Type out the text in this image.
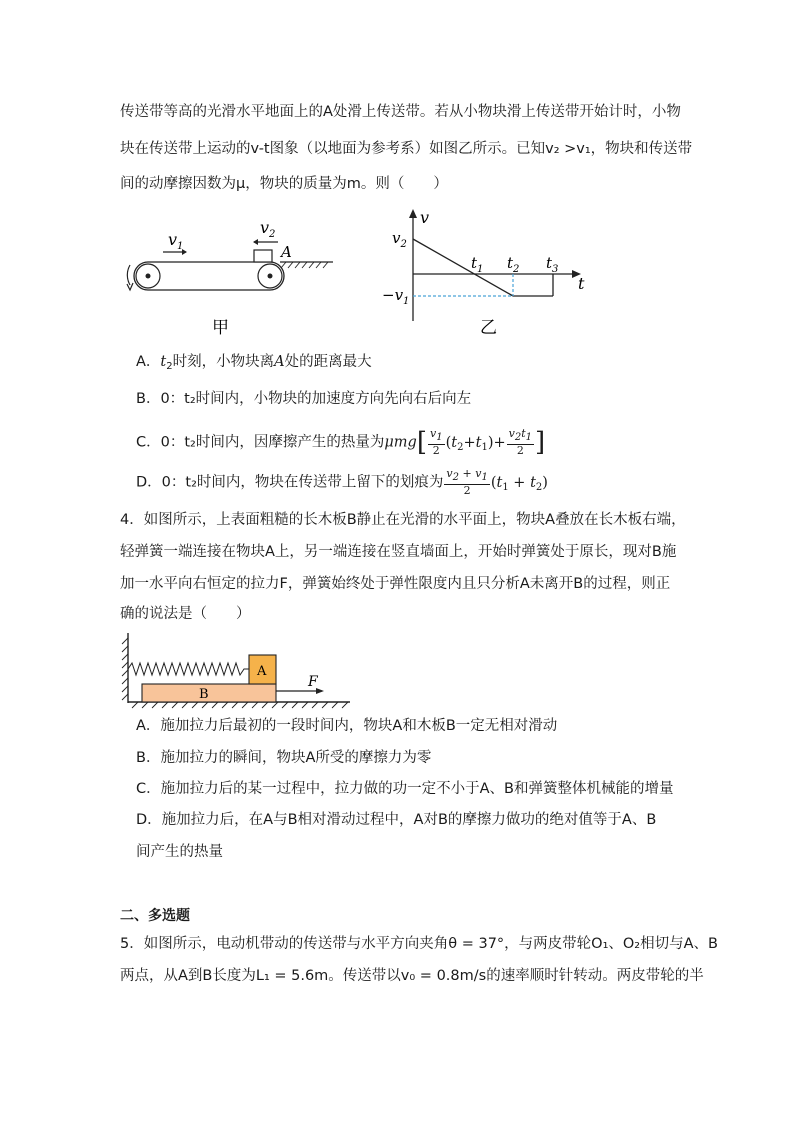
传送带等高的光滑水平地面上的A处滑上传送带。若从小物块滑上传送带开始计时，小物
块在传送带上运动的v-t图象（以地面为参考系）如图乙所示。已知v₂ >v₁，物块和传送带
间的动摩擦因数为μ，物块的质量为m。则（　　）
$v_1$
$v_2$
A
甲
v
t
$v_2$
$-v_1$
$t_1$ $t_2$ $t_3$
乙
A．$t_2$时刻，小物块离A处的距离最大
B．0：t₂时间内，小物块的加速度方向先向右后向左
C．0：t₂时间内，因摩擦产生的热量为$\mu mg[ \frac{v_1}{2} (t_2+t_1)+ \frac{v_2t_1}{2}$ ]
D．0：t₂时间内，物块在传送带上留下的划痕为 $\frac{v_2 + v_1}{2} (t_1 + t_2)$
4．如图所示，上表面粗糙的长木板B静止在光滑的水平面上，物块A叠放在长木板右端，
轻弹簧一端连接在物块A上，另一端连接在竖直墙面上，开始时弹簧处于原长，现对B施
加一水平向右恒定的拉力F，弹簧始终处于弹性限度内且只分析A未离开B的过程，则正
确的说法是（　　）
B
A
F
A．施加拉力后最初的一段时间内，物块A和木板B一定无相对滑动
B．施加拉力的瞬间，物块A所受的摩擦力为零
C．施加拉力后的某一过程中，拉力做的功一定不小于A、B和弹簧整体机械能的增量
D．施加拉力后，在A与B相对滑动过程中，A对B的摩擦力做功的绝对值等于A、B
间产生的热量
二、多选题
5．如图所示，电动机带动的传送带与水平方向夹角θ = 37°，与两皮带轮O₁、O₂相切与A、B
两点，从A到B长度为L₁ = 5.6m。传送带以v₀ = 0.8m/s的速率顺时针转动。两皮带轮的半
